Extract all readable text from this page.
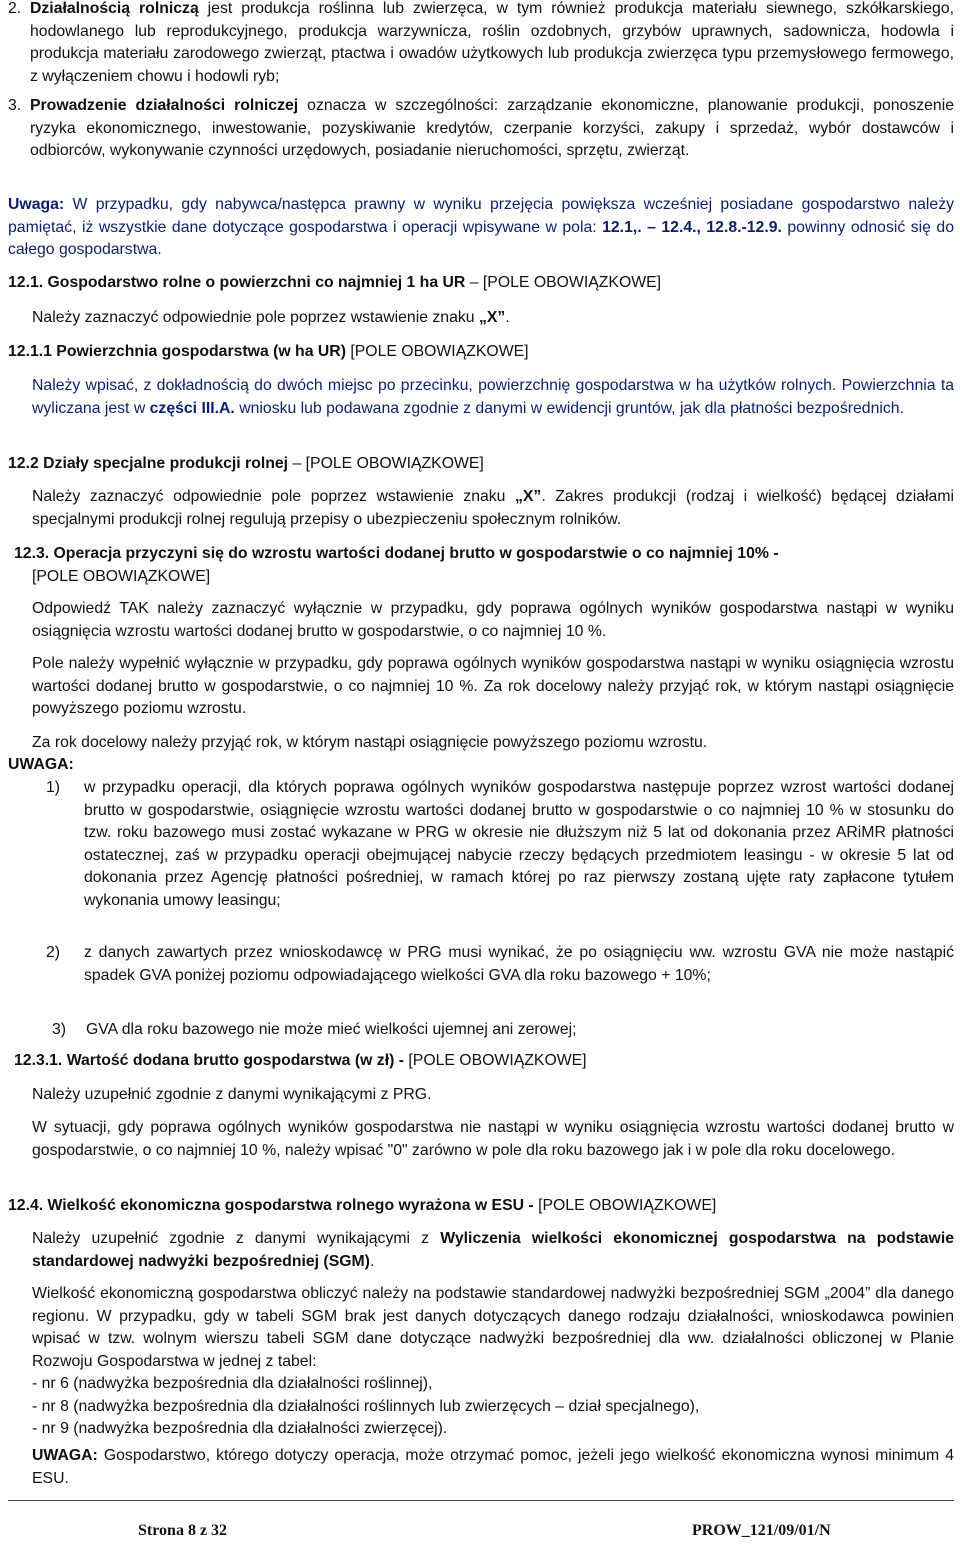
2. Działalnością rolniczą jest produkcja roślinna lub zwierzęca, w tym również produkcja materiału siewnego, szkółkarskiego, hodowlanego lub reprodukcyjnego, produkcja warzywnicza, roślin ozdobnych, grzybów uprawnych, sadownicza, hodowla i produkcja materiału zarodowego zwierząt, ptactwa i owadów użytkowych lub produkcja zwierzęca typu przemysłowego fermowego, z wyłączeniem chowu i hodowli ryb;

3. Prowadzenie działalności rolniczej oznacza w szczególności: zarządzanie ekonomiczne, planowanie produkcji, ponoszenie ryzyka ekonomicznego, inwestowanie, pozyskiwanie kredytów, czerpanie korzyści, zakupy i sprzedaż, wybór dostawców i odbiorców, wykonywanie czynności urzędowych, posiadanie nieruchomości, sprzętu, zwierząt.

Uwaga: W przypadku, gdy nabywca/następca prawny w wyniku przejęcia powiększa wcześniej posiadane gospodarstwo należy pamiętać, iż wszystkie dane dotyczące gospodarstwa i operacji wpisywane w pola: 12.1,. – 12.4., 12.8.-12.9. powinny odnosić się do całego gospodarstwa.

12.1. Gospodarstwo rolne o powierzchni co najmniej 1 ha UR – [POLE OBOWIĄZKOWE]

Należy zaznaczyć odpowiednie pole poprzez wstawienie znaku „X”.

12.1.1 Powierzchnia gospodarstwa (w ha UR) [POLE OBOWIĄZKOWE]

Należy wpisać, z dokładnością do dwóch miejsc po przecinku, powierzchnię gospodarstwa w ha użytków rolnych. Powierzchnia ta wyliczana jest w części III.A. wniosku lub podawana zgodnie z danymi w ewidencji gruntów, jak dla płatności bezpośrednich.

12.2 Działy specjalne produkcji rolnej – [POLE OBOWIĄZKOWE]

Należy zaznaczyć odpowiednie pole poprzez wstawienie znaku „X”. Zakres produkcji (rodzaj i wielkość) będącej działami specjalnymi produkcji rolnej regulują przepisy o ubezpieczeniu społecznym rolników.

12.3. Operacja przyczyni się do wzrostu wartości dodanej brutto w gospodarstwie o co najmniej 10% -

[POLE OBOWIĄZKOWE]

Odpowiedź TAK należy zaznaczyć wyłącznie w przypadku, gdy poprawa ogólnych wyników gospodarstwa nastąpi w wyniku osiągnięcia wzrostu wartości dodanej brutto w gospodarstwie, o co najmniej 10 %.

Pole należy wypełnić wyłącznie w przypadku, gdy poprawa ogólnych wyników gospodarstwa nastąpi w wyniku osiągnięcia wzrostu wartości dodanej brutto w gospodarstwie, o co najmniej 10 %. Za rok docelowy należy przyjąć rok, w którym nastąpi osiągnięcie powyższego poziomu wzrostu.

Za rok docelowy należy przyjąć rok, w którym nastąpi osiągnięcie powyższego poziomu wzrostu.

UWAGA:

1) w przypadku operacji, dla których poprawa ogólnych wyników gospodarstwa następuje poprzez wzrost wartości dodanej brutto w gospodarstwie, osiągnięcie wzrostu wartości dodanej brutto w gospodarstwie o co najmniej 10 % w stosunku do tzw. roku bazowego musi zostać wykazane w PRG w okresie nie dłuższym niż 5 lat od dokonania przez ARiMR płatności ostatecznej, zaś w przypadku operacji obejmującej nabycie rzeczy będących przedmiotem leasingu - w okresie 5 lat od dokonania przez Agencję płatności pośredniej, w ramach której po raz pierwszy zostaną ujęte raty zapłacone tytułem wykonania umowy leasingu;

2) z danych zawartych przez wnioskodawcę w PRG musi wynikać, że po osiągnięciu ww. wzrostu GVA nie może nastąpić spadek GVA poniżej poziomu odpowiadającego wielkości GVA dla roku bazowego + 10%;

3) GVA dla roku bazowego nie może mieć wielkości ujemnej ani zerowej;

12.3.1. Wartość dodana brutto gospodarstwa (w zł) - [POLE OBOWIĄZKOWE]

Należy uzupełnić zgodnie z danymi wynikającymi z PRG.

W sytuacji, gdy poprawa ogólnych wyników gospodarstwa nie nastąpi w wyniku osiągnięcia wzrostu wartości dodanej brutto w gospodarstwie, o co najmniej 10 %, należy wpisać "0" zarówno w pole dla roku bazowego jak i w pole dla roku docelowego.

12.4. Wielkość ekonomiczna gospodarstwa rolnego wyrażona w ESU - [POLE OBOWIĄZKOWE]

Należy uzupełnić zgodnie z danymi wynikającymi z Wyliczenia wielkości ekonomicznej gospodarstwa na podstawie standardowej nadwyżki bezpośredniej (SGM).

Wielkość ekonomiczną gospodarstwa obliczyć należy na podstawie standardowej nadwyżki bezpośredniej SGM „2004” dla danego regionu. W przypadku, gdy w tabeli SGM brak jest danych dotyczących danego rodzaju działalności, wnioskodawca powinien wpisać w tzw. wolnym wierszu tabeli SGM dane dotyczące nadwyżki bezpośredniej dla ww. działalności obliczonej w Planie Rozwoju Gospodarstwa w jednej z tabel:

- nr 6 (nadwyżka bezpośrednia dla działalności roślinnej),
- nr 8 (nadwyżka bezpośrednia dla działalności roślinnych lub zwierzęcych – dział specjalnego),
- nr 9 (nadwyżka bezpośrednia dla działalności zwierzęcej).

UWAGA: Gospodarstwo, którego dotyczy operacja, może otrzymać pomoc, jeżeli jego wielkość ekonomiczna wynosi minimum 4 ESU.

Strona 8 z 32	PROW_121/09/01/N
